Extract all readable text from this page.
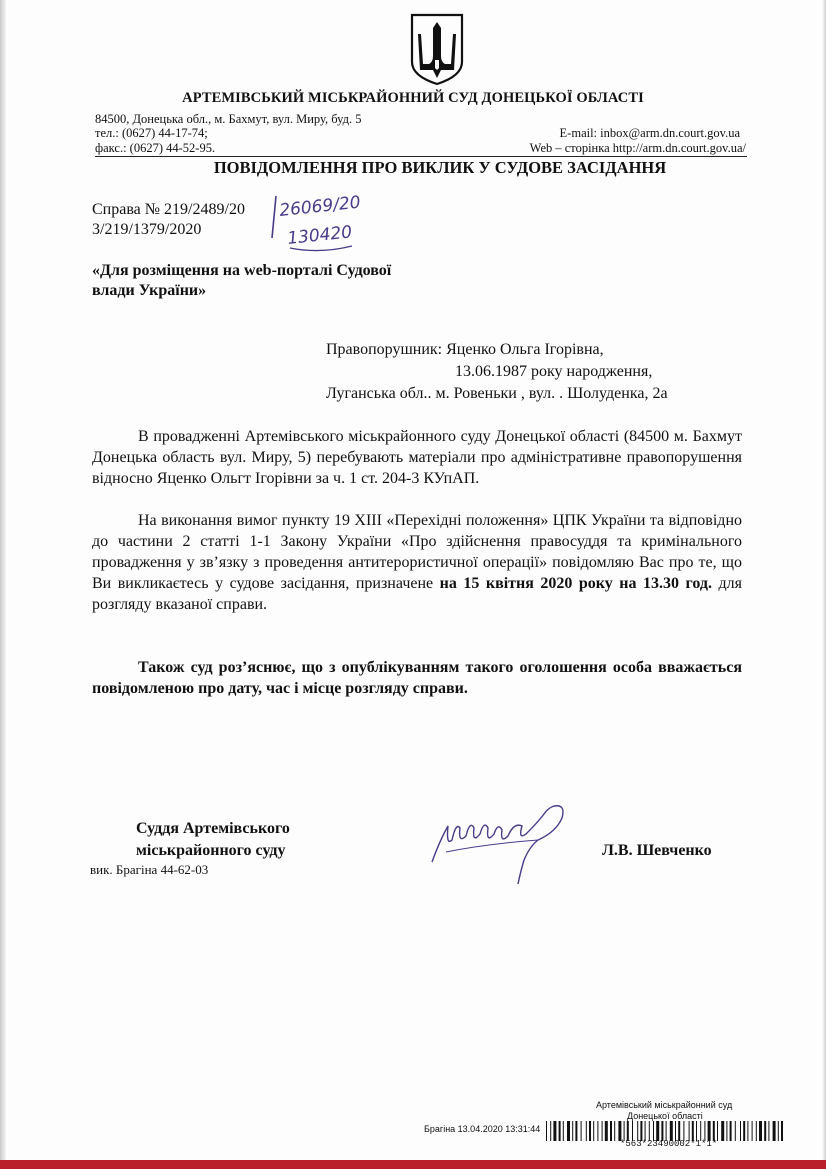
АРТЕМІВСЬКИЙ МІСЬКРАЙОННИЙ СУД ДОНЕЦЬКОЇ ОБЛАСТІ
84500, Донецька обл., м. Бахмут, вул. Миру, буд. 5
тел.: (0627) 44-17-74;
факс.: (0627) 44-52-95.
E-mail: inbox@arm.dn.court.gov.ua
Web – сторінка http://arm.dn.court.gov.ua/
ПОВІДОМЛЕННЯ ПРО ВИКЛИК У СУДОВЕ ЗАСІДАННЯ
Справа № 219/2489/20
3/219/1379/2020
26069/20
130420
«Для розміщення на web-порталі Судової влади України»
Правопорушник: Яценко Ольга Ігорівна,
13.06.1987 року народження,
Луганська обл.. м. Ровеньки , вул. . Шолуденка, 2а
В провадженні Артемівського міськрайонного суду Донецької області (84500 м. Бахмут Донецька область вул. Миру, 5) перебувають матеріали про адміністративне правопорушення відносно Яценко Ольгт Ігорівни за ч. 1 ст. 204-3 КУпАП.
На виконання вимог пункту 19 XIII «Перехідні положення» ЦПК України та відповідно до частини 2 статті 1-1 Закону України «Про здійснення правосуддя та кримінального провадження у зв’язку з проведення антитерористичної операції» повідомляю Вас про те, що Ви викликаєтесь у судове засідання, призначене на 15 квітня 2020 року на 13.30 год. для розгляду вказаної справи.
Також суд роз’яснює, що з опублікуванням такого оголошення особа вважається повідомленою про дату, час і місце розгляду справи.
Суддя Артемівського
міськрайонного суду
вик. Брагіна 44-62-03
Л.В. Шевченко
Артемівський міськрайонний суд
Донецької області
Брагіна 13.04.2020 13:31:44
*563*23490002*1*1*
